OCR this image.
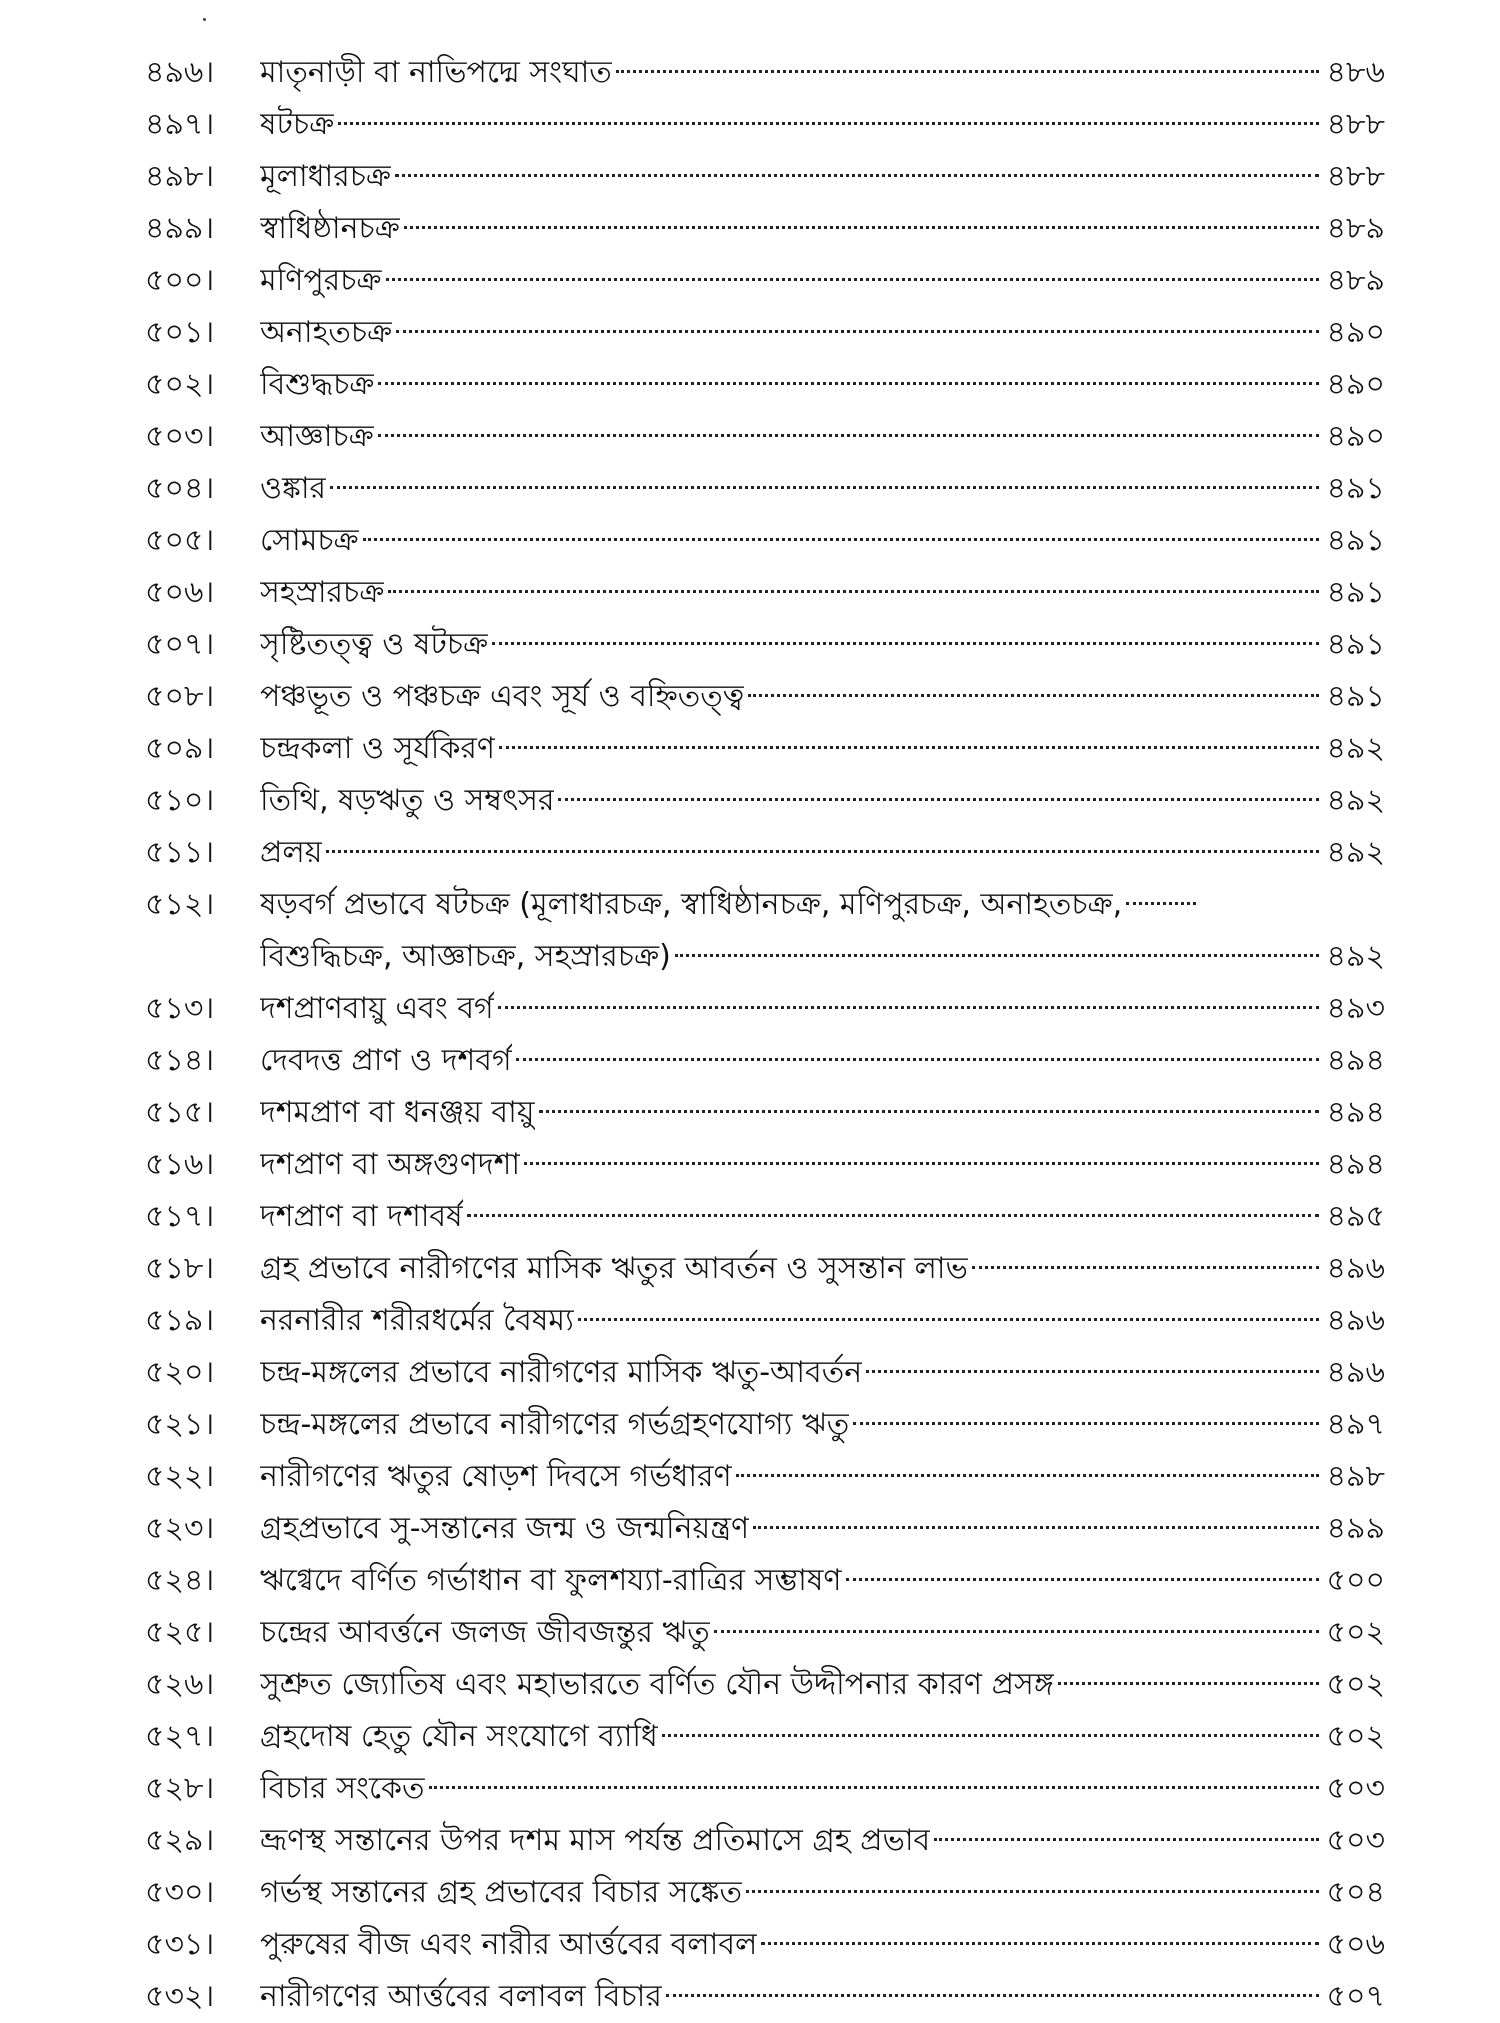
৪৯৬।	মাতৃনাড়ী বা নাভিপদ্মে সংঘাত	৪৮৬
৪৯৭।	ষটচক্র	৪৮৮
৪৯৮।	মূলাধারচক্র	৪৮৮
৪৯৯।	স্বাধিষ্ঠানচক্র	৪৮৯
৫০০।	মণিপুরচক্র	৪৮৯
৫০১।	অনাহতচক্র	৪৯০
৫০২।	বিশুদ্ধচক্র	৪৯০
৫০৩।	আজ্ঞাচক্র	৪৯০
৫০৪।	ওঙ্কার	৪৯১
৫০৫।	সোমচক্র	৪৯১
৫০৬।	সহস্রারচক্র	৪৯১
৫০৭।	সৃষ্টিতত্ত্ব ও ষটচক্র	৪৯১
৫০৮।	পঞ্চভূত ও পঞ্চচক্র এবং সূর্য ও বহ্নিতত্ত্ব	৪৯১
৫০৯।	চন্দ্রকলা ও সূর্যকিরণ	৪৯২
৫১০।	তিথি, ষড়ঋতু ও সম্বৎসর	৪৯২
৫১১।	প্রলয়	৪৯২
৫১২।	ষড়বর্গ প্রভাবে ষটচক্র (মূলাধারচক্র, স্বাধিষ্ঠানচক্র, মণিপুরচক্র, অনাহতচক্র,
বিশুদ্ধিচক্র, আজ্ঞাচক্র, সহস্রারচক্র)	৪৯২
৫১৩।	দশপ্রাণবায়ু এবং বর্গ	৪৯৩
৫১৪।	দেবদত্ত প্রাণ ও দশবর্গ	৪৯৪
৫১৫।	দশমপ্রাণ বা ধনঞ্জয় বায়ু	৪৯৪
৫১৬।	দশপ্রাণ বা অঙ্গগুণদশা	৪৯৪
৫১৭।	দশপ্রাণ বা দশাবর্ষ	৪৯৫
৫১৮।	গ্রহ প্রভাবে নারীগণের মাসিক ঋতুর আবর্তন ও সুসন্তান লাভ	৪৯৬
৫১৯।	নরনারীর শরীরধর্মের বৈষম্য	৪৯৬
৫২০।	চন্দ্র-মঙ্গলের প্রভাবে নারীগণের মাসিক ঋতু-আবর্তন	৪৯৬
৫২১।	চন্দ্র-মঙ্গলের প্রভাবে নারীগণের গর্ভগ্রহণযোগ্য ঋতু	৪৯৭
৫২২।	নারীগণের ঋতুর ষোড়শ দিবসে গর্ভধারণ	৪৯৮
৫২৩।	গ্রহপ্রভাবে সু-সন্তানের জন্ম ও জন্মনিয়ন্ত্রণ	৪৯৯
৫২৪।	ঋগ্বেদে বর্ণিত গর্ভাধান বা ফুলশয্যা-রাত্রির সম্ভাষণ	৫০০
৫২৫।	চন্দ্রের আবর্ত্তনে জলজ জীবজন্তুর ঋতু	৫০২
৫২৬।	সুশ্রুত জ্যোতিষ এবং মহাভারতে বর্ণিত যৌন উদ্দীপনার কারণ প্রসঙ্গ	৫০২
৫২৭।	গ্রহদোষ হেতু যৌন সংযোগে ব্যাধি	৫০২
৫২৮।	বিচার সংকেত	৫০৩
৫২৯।	ভ্রূণস্থ সন্তানের উপর দশম মাস পর্যন্ত প্রতিমাসে গ্রহ প্রভাব	৫০৩
৫৩০।	গর্ভস্থ সন্তানের গ্রহ প্রভাবের বিচার সঙ্কেত	৫০৪
৫৩১।	পুরুষের বীজ এবং নারীর আর্ত্তবের বলাবল	৫০৬
৫৩২।	নারীগণের আর্ত্তবের বলাবল বিচার	৫০৭
